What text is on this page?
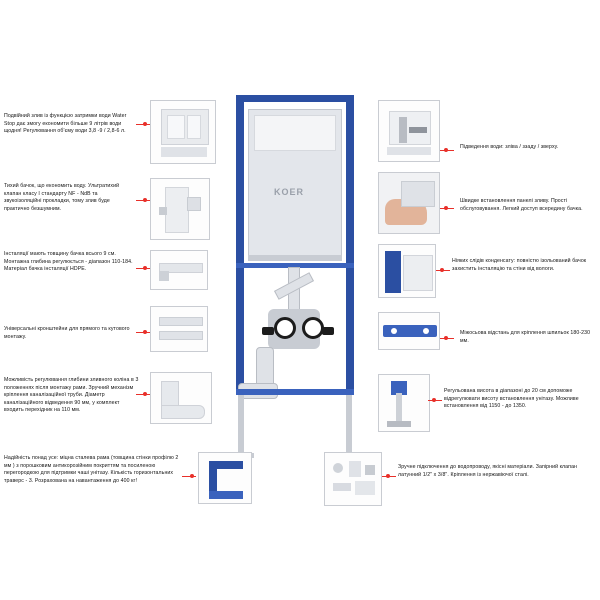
KOER
Подвійний злив із функцією затримки води Water Stop дає змогу економити більше 9 літрів води щодня! Регулювання об'єму води 3,8 -9 / 2,8-6 л.
Тихий бачок, що економить воду. Ультратихий клапан класу I стандарту NF - NdB та звукоізоляційні прокладки, тому злив буде практично безшумним.
Інсталяції мають товщину бачка всього 9 см. Монтажна глибина регулюється - діапазон 110-184. Матеріал бачка інсталяції HDPE.
Універсальні кронштейни для прямого та кутового монтажу.
Можливість регулювання глибини зливного коліна в 3 положеннях після монтажу рами. Зручний механізм кріплення каналізаційної труби. Діаметр каналізаційного відведення 90 мм, у комплект входить перехідник на 110 мм.
Надійність понад усе: міцна сталева рама (товщина стінки профілю 2 мм ) з порошковим антикорозійним покриттям та посиленою перегородкою для підтримки чаші унітазу. Кількість горизонтальних траверс - 3. Розрахована на навантаження до 400 кг!
Підведення води: зліва / ззаду / зверху.
Швидке встановлення панелі зливу. Прості обслуговування. Легкий доступ всередину бачка.
Ніяких слідів конденсату: повністю ізольований бачок захистить інсталяцію та стіни від вологи.
Міжосьова відстань для кріплення шпильок 180-230 мм.
Регульована висота в діапазоні до 20 см допоможе відрегулювати висоту встановлення унітазу. Можливе встановлення від 1150 - до 1350.
Зручне підключення до водопроводу, якісні матеріали. Запірний клапан латунний 1/2" х 3/8". Кріплення із нержавіючої сталі.
